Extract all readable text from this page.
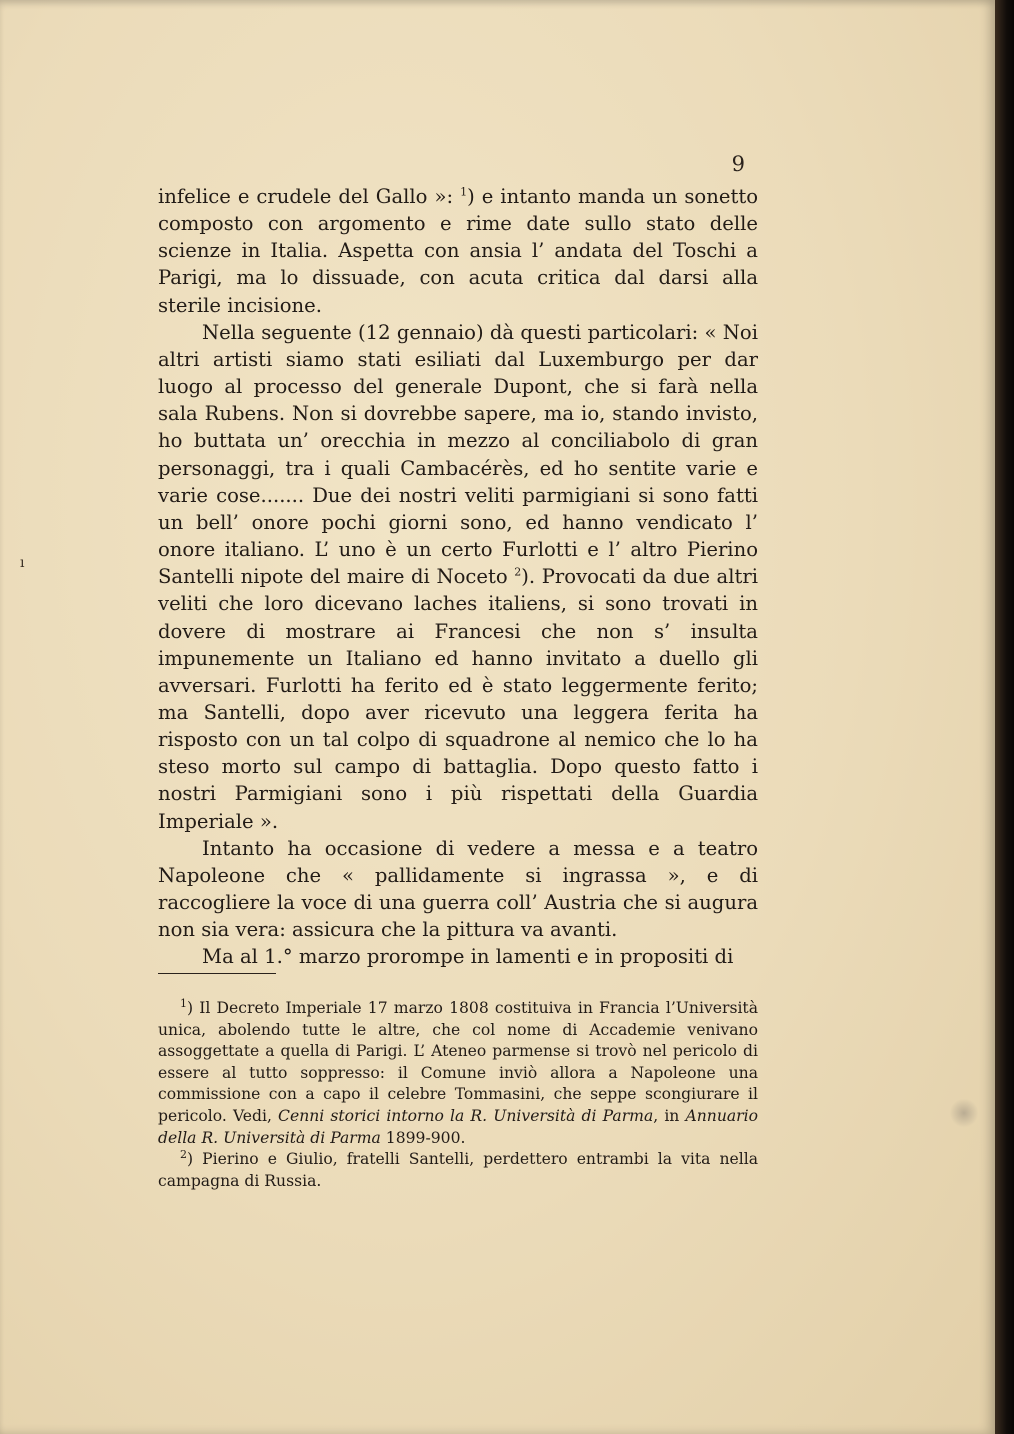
9

infelice e crudele del Gallo »: $^1$) e intanto manda un sonetto composto con argomento e rime date sullo stato delle scienze in Italia. Aspetta con ansia l’ andata del Toschi a Parigi, ma lo dissuade, con acuta critica dal darsi alla sterile incisione.

Nella seguente (12 gennaio) dà questi particolari: « Noi altri artisti siamo stati esiliati dal Luxemburgo per dar luogo al processo del generale Dupont, che si farà nella sala Rubens. Non si dovrebbe sapere, ma io, stando invisto, ho buttata un’ orecchia in mezzo al conciliabolo di gran personaggi, tra i quali Cambacérès, ed ho sentite varie e varie cose....... Due dei nostri veliti parmigiani si sono fatti un bell’ onore pochi giorni sono, ed hanno vendicato l’ onore italiano. L’ uno è un certo Furlotti e l’ altro Pierino Santelli nipote del maire di Noceto $^2$). Provocati da due altri veliti che loro dicevano laches italiens, si sono trovati in dovere di mostrare ai Francesi che non s’ insulta impunemente un Italiano ed hanno invitato a duello gli avversari. Furlotti ha ferito ed è stato leggermente ferito; ma Santelli, dopo aver ricevuto una leggera ferita ha risposto con un tal colpo di squadrone al nemico che lo ha steso morto sul campo di battaglia. Dopo questo fatto i nostri Parmigiani sono i più rispettati della Guardia Imperiale ».

Intanto ha occasione di vedere a messa e a teatro Napoleone che « pallidamente si ingrassa », e di raccogliere la voce di una guerra coll’ Austria che si augura non sia vera: assicura che la pittura va avanti.

Ma al 1.° marzo prorompe in lamenti e in propositi di

$^1$) Il Decreto Imperiale 17 marzo 1808 costituiva in Francia l’Università unica, abolendo tutte le altre, che col nome di Accademie venivano assoggettate a quella di Parigi. L’ Ateneo parmense si trovò nel pericolo di essere al tutto soppresso: il Comune inviò allora a Napoleone una commissione con a capo il celebre Tommasini, che seppe scongiurare il pericolo. Vedi, Cenni storici intorno la R. Università di Parma, in Annuario della R. Università di Parma 1899-900.

$^2$) Pierino e Giulio, fratelli Santelli, perdettero entrambi la vita nella campagna di Russia.

ı
